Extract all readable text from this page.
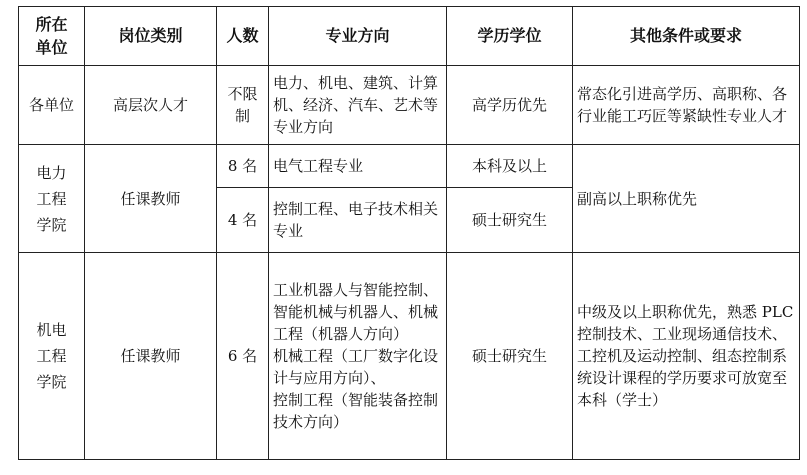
所在单位	岗位类别	人数	专业方向	学历学位	其他条件或要求
各单位	高层次人才	不限制	电力、机电、建筑、计算机、经济、汽车、艺术等专业方向	高学历优先	常态化引进高学历、高职称、各行业能工巧匠等紧缺性专业人才

电力工程学院	任课教师	8 名	电气工程专业	本科及以上	副高以上职称优先
		4 名	控制工程、电子技术相关专业	硕士研究生	

机电工程学院	任课教师	6 名	工业机器人与智能控制、智能机械与机器人、机械工程（机器人方向）
机械工程（工厂数字化设计与应用方向）、
控制工程（智能装备控制技术方向）	硕士研究生	中级及以上职称优先，熟悉 PLC 控制技术、工业现场通信技术、工控机及运动控制、组态控制系统设计课程的学历要求可放宽至本科（学士）
